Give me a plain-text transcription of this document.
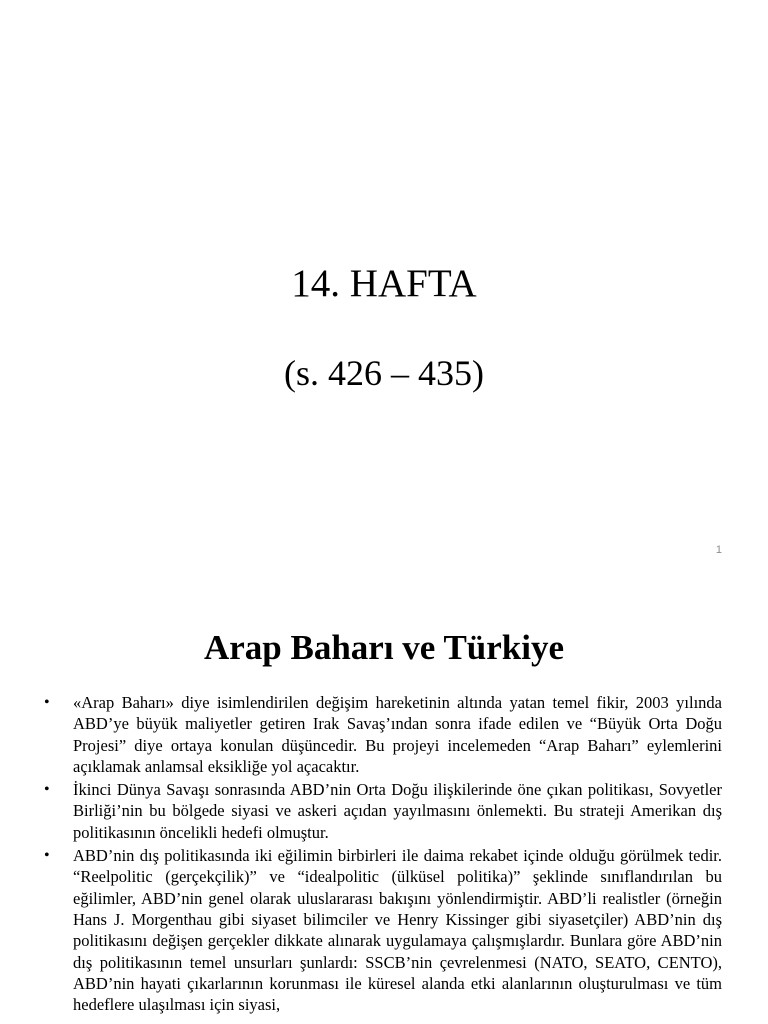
14. HAFTA

(s. 426 – 435)

1
Arap Baharı ve Türkiye
• «Arap Baharı» diye isimlendirilen değişim hareketinin altında yatan temel fikir, 2003 yılında ABD’ye büyük maliyetler getiren Irak Savaş’ından sonra ifade edilen ve “Büyük Orta Doğu Projesi” diye ortaya konulan düşüncedir. Bu projeyi incelemeden “Arap Baharı” eylemlerini açıklamak anlamsal eksikliğe yol açacaktır.
• İkinci Dünya Savaşı sonrasında ABD’nin Orta Doğu ilişkilerinde öne çıkan politikası, Sovyetler Birliği’nin bu bölgede siyasi ve askeri açıdan yayılmasını önlemekti. Bu strateji Amerikan dış politikasının öncelikli hedefi olmuştur.
• ABD’nin dış politikasında iki eğilimin birbirleri ile daima rekabet içinde olduğu görülmek tedir. “Reelpolitic (gerçekçilik)” ve “idealpolitic (ülküsel politika)” şeklinde sınıflandırılan bu eğilimler, ABD’nin genel olarak uluslararası bakışını yönlendirmiştir. ABD’li realistler (örneğin Hans J. Morgenthau gibi siyaset bilimciler ve Henry Kissinger gibi siyasetçiler) ABD’nin dış politikasını değişen gerçekler dikkate alınarak uygulamaya çalışmışlardır. Bunlara göre ABD’nin dış politikasının temel unsurları şunlardı: SSCB’nin çevrelenmesi (NATO, SEATO, CENTO), ABD’nin hayati çıkarlarının korunması ile küresel alanda etki alanlarının oluşturulması ve tüm hedeflere ulaşılması için siyasi,
